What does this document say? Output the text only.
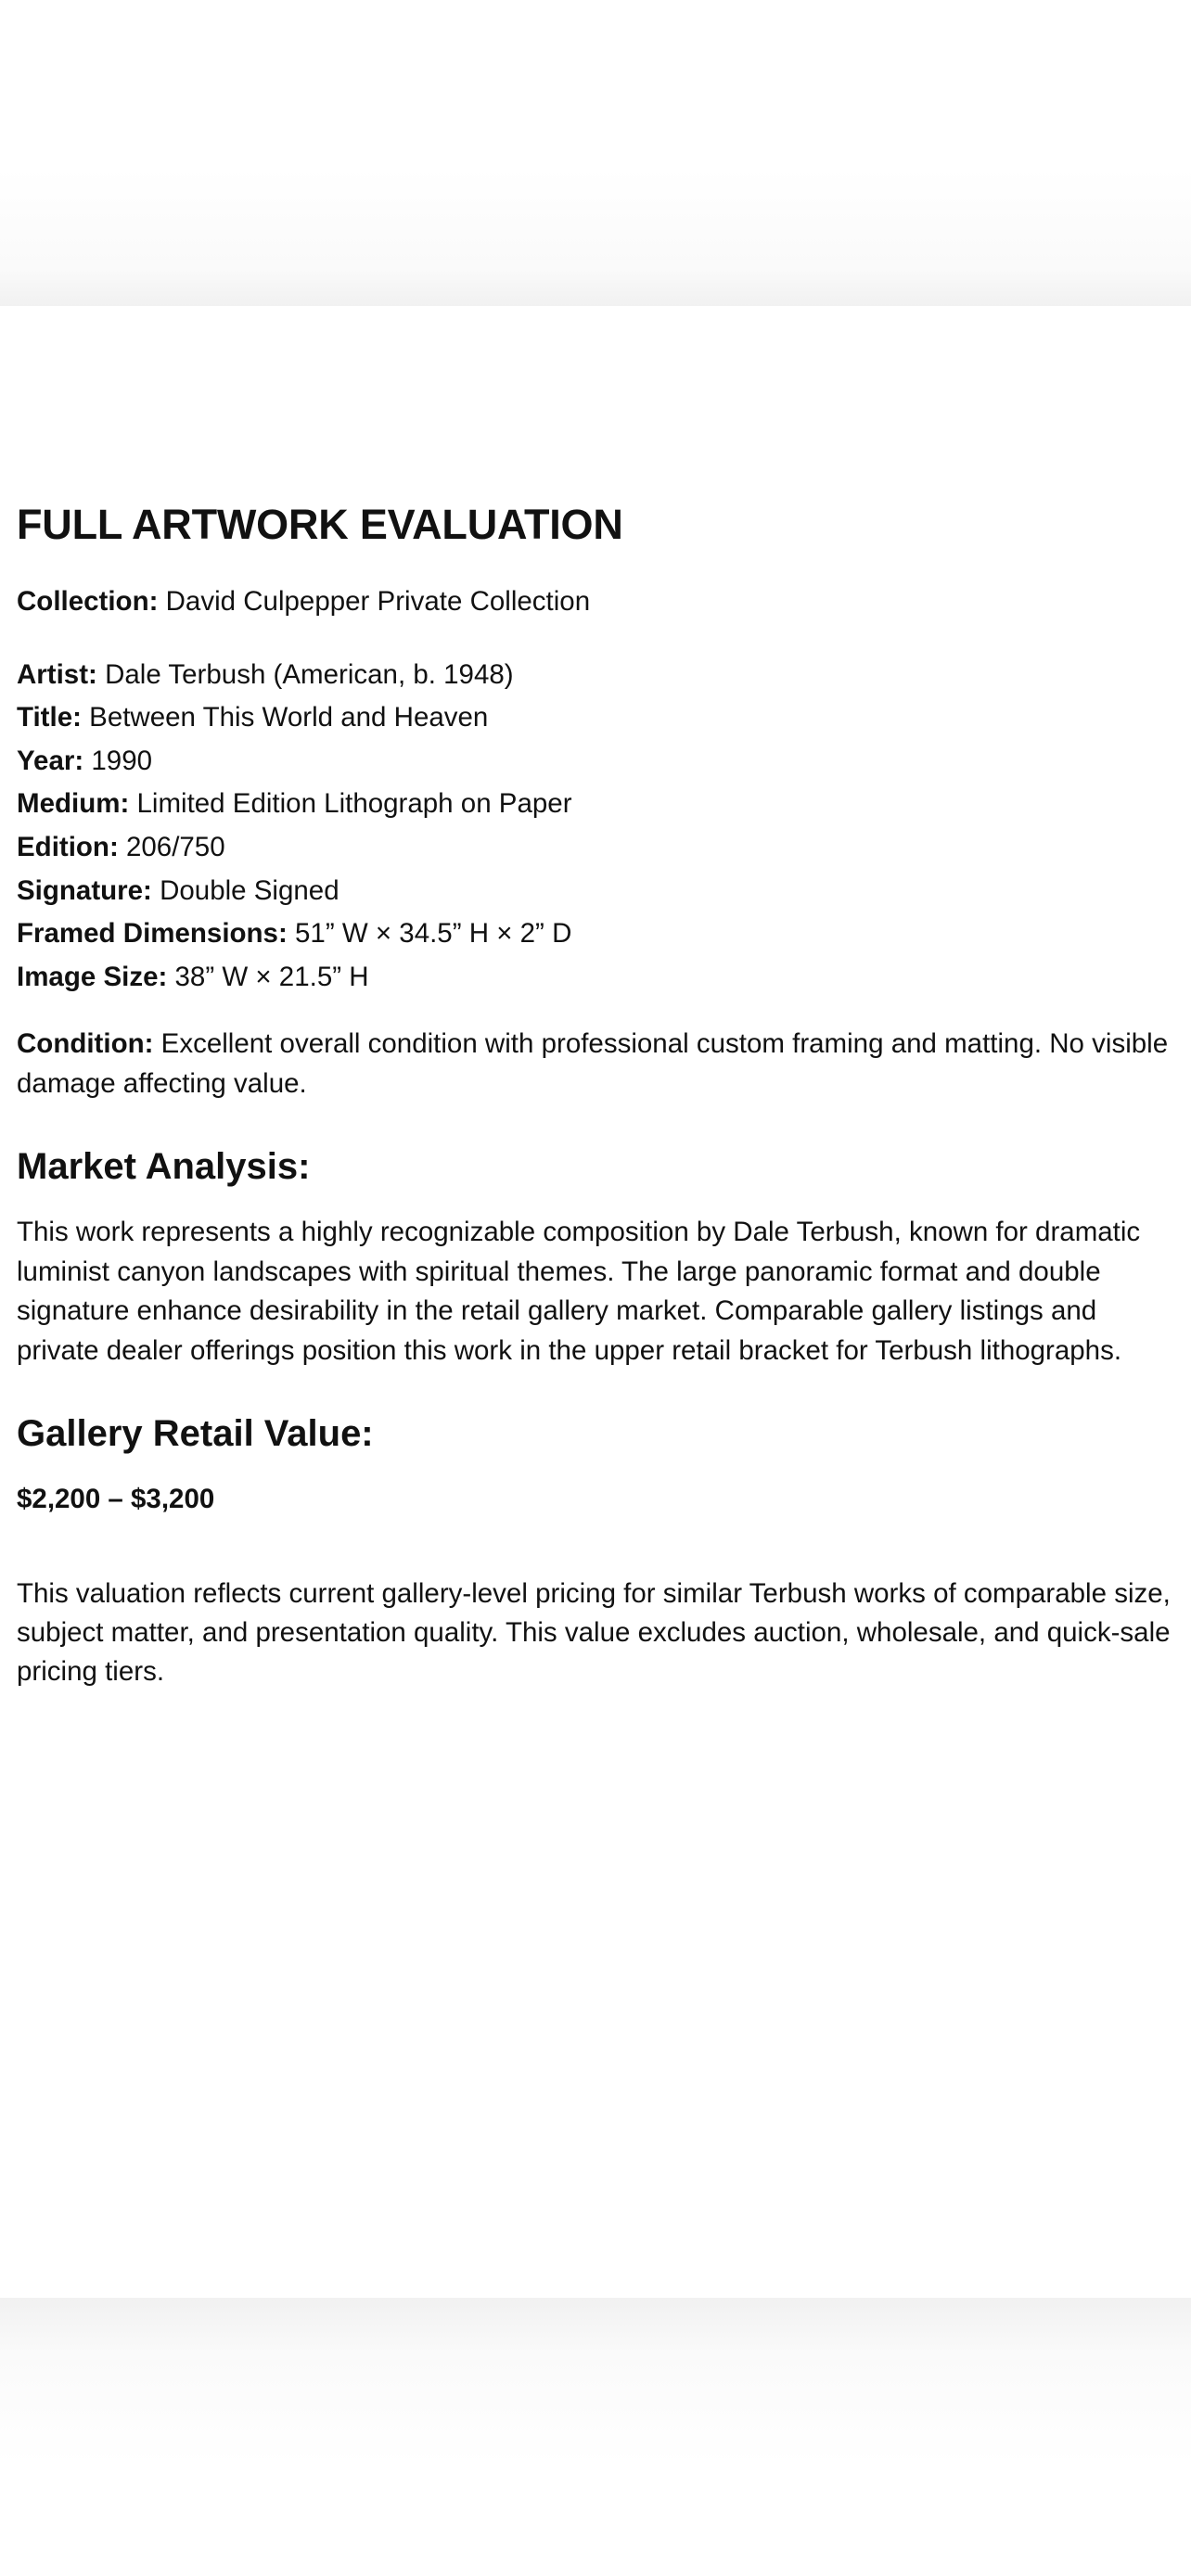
FULL ARTWORK EVALUATION
Collection: David Culpepper Private Collection
Artist: Dale Terbush (American, b. 1948)
Title: Between This World and Heaven
Year: 1990
Medium: Limited Edition Lithograph on Paper
Edition: 206/750
Signature: Double Signed
Framed Dimensions: 51” W × 34.5” H × 2” D
Image Size: 38” W × 21.5” H

Condition: Excellent overall condition with professional custom framing and matting. No visible damage affecting value.

Market Analysis:

This work represents a highly recognizable composition by Dale Terbush, known for dramatic luminist canyon landscapes with spiritual themes. The large panoramic format and double signature enhance desirability in the retail gallery market. Comparable gallery listings and private dealer offerings position this work in the upper retail bracket for Terbush lithographs.

Gallery Retail Value:

$2,200 – $3,200

This valuation reflects current gallery-level pricing for similar Terbush works of comparable size, subject matter, and presentation quality. This value excludes auction, wholesale, and quick-sale pricing tiers.
